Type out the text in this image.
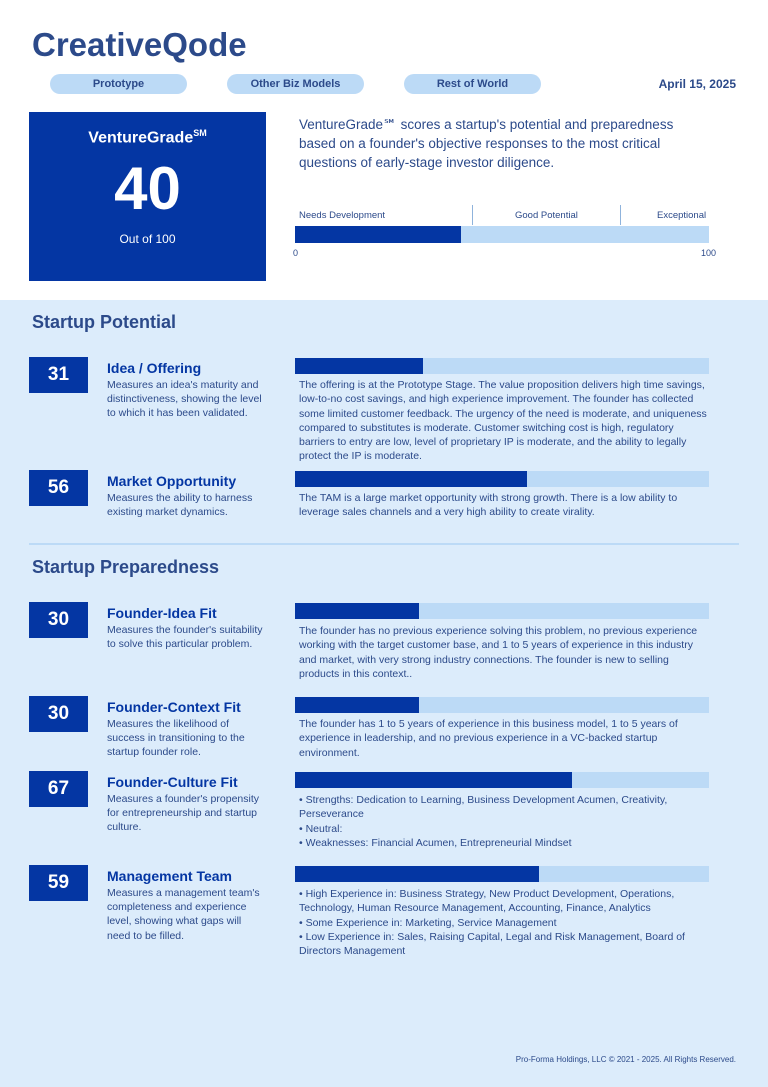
CreativeQode
Prototype	Other Biz Models	Rest of World	April 15, 2025
VentureGrade℠
40
Out of 100
VentureGrade℠ scores a startup's potential and preparedness based on a founder's objective responses to the most critical questions of early-stage investor diligence.
Needs Development	Good Potential	Exceptional
0	100
Startup Potential
31	Idea / Offering
Measures an idea's maturity and distinctiveness, showing the level to which it has been validated.
The offering is at the Prototype Stage. The value proposition delivers high time savings, low-to-no cost savings, and high experience improvement. The founder has collected some limited customer feedback. The urgency of the need is moderate, and uniqueness compared to substitutes is moderate. Customer switching cost is high, regulatory barriers to entry are low, level of proprietary IP is moderate, and the ability to legally protect the IP is moderate.
56	Market Opportunity
Measures the ability to harness existing market dynamics.
The TAM is a large market opportunity with strong growth. There is a low ability to leverage sales channels and a very high ability to create virality.
Startup Preparedness
30	Founder-Idea Fit
Measures the founder's suitability to solve this particular problem.
The founder has no previous experience solving this problem, no previous experience working with the target customer base, and 1 to 5 years of experience in this industry and market, with very strong industry connections. The founder is new to selling products in this context..
30	Founder-Context Fit
Measures the likelihood of success in transitioning to the startup founder role.
The founder has 1 to 5 years of experience in this business model, 1 to 5 years of experience in leadership, and no previous experience in a VC-backed startup environment.
67	Founder-Culture Fit
Measures a founder's propensity for entrepreneurship and startup culture.
• Strengths: Dedication to Learning, Business Development Acumen, Creativity, Perseverance
• Neutral:
• Weaknesses: Financial Acumen, Entrepreneurial Mindset
59	Management Team
Measures a management team's completeness and experience level, showing what gaps will need to be filled.
• High Experience in: Business Strategy, New Product Development, Operations, Technology, Human Resource Management, Accounting, Finance, Analytics
• Some Experience in: Marketing, Service Management
• Low Experience in: Sales, Raising Capital, Legal and Risk Management, Board of Directors Management
Pro-Forma Holdings, LLC © 2021 - 2025. All Rights Reserved.
